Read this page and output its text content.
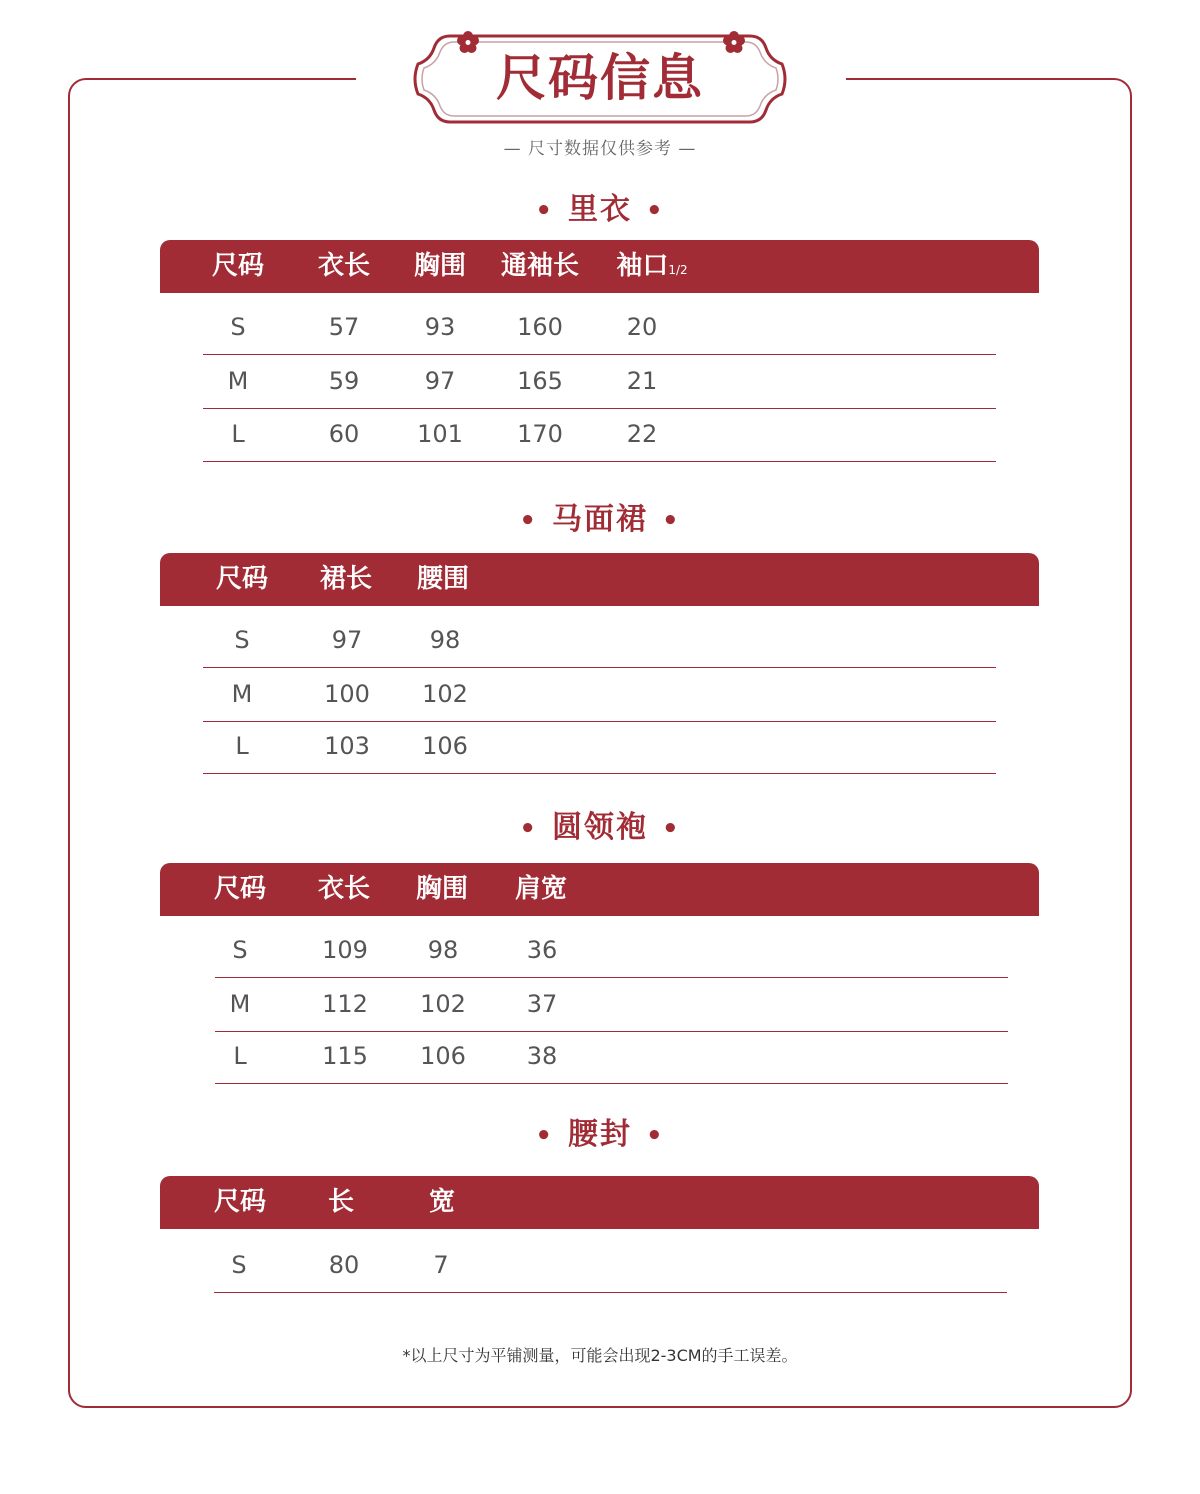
尺码信息
— 尺寸数据仅供参考 —
• 里衣 •
尺码 衣长 胸围 通袖长 袖口1/2
S	57	93	160	20
M	59	97	165	21
L	60 101 170	22
• 马面裙 •
尺码 裙长 腰围
S	97	98
M	100 102
L	103 106
• 圆领袍 •
尺码 衣长 胸围 肩宽
S	109 98	36
M	112 102	37
L	115 106	38
• 腰封 •
尺码 长	宽
S	80	7
*以上尺寸为平铺测量，可能会出现2-3CM的手工误差。
